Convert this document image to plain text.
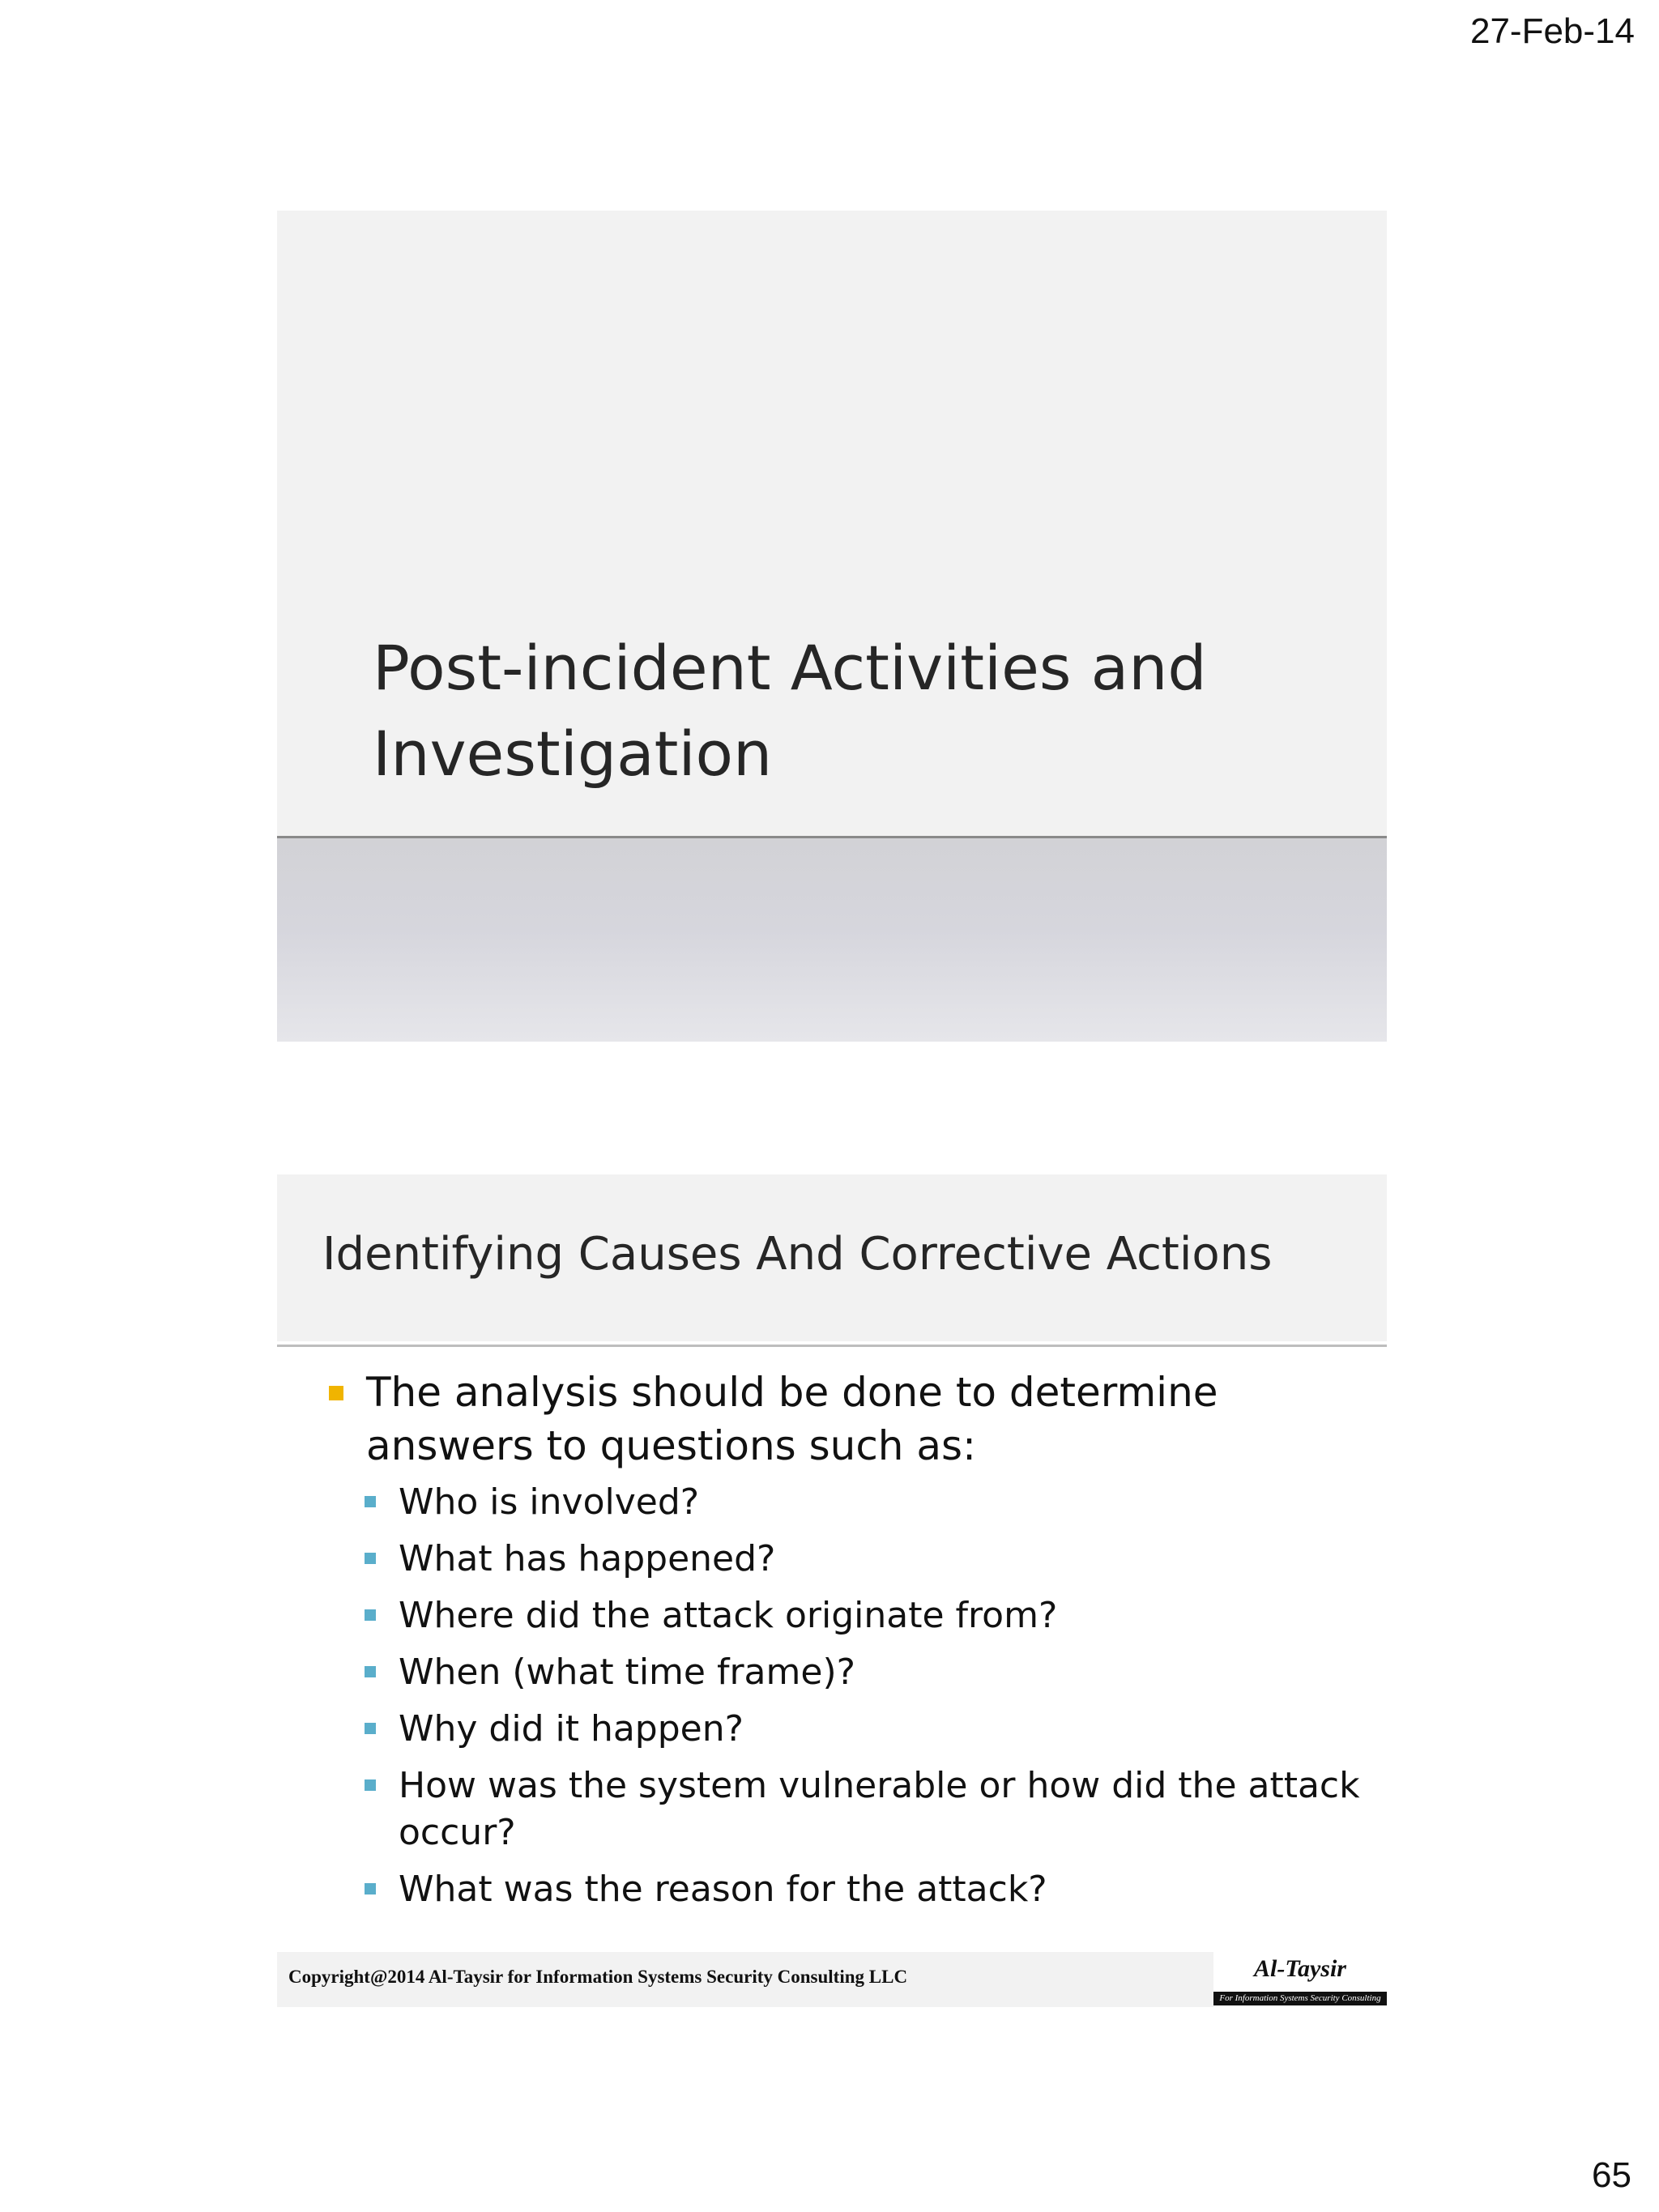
27-Feb-14
Post-incident Activities and
Investigation
Identifying Causes And Corrective Actions
The analysis should be done to determine answers to questions such as:
Who is involved?
What has happened?
Where did the attack originate from?
When (what time frame)?
Why did it happen?
How was the system vulnerable or how did the attack occur?
What was the reason for the attack?
Copyright@2014 Al-Taysir for Information Systems Security Consulting LLC	Al-Taysir
For Information Systems Security Consulting
65
